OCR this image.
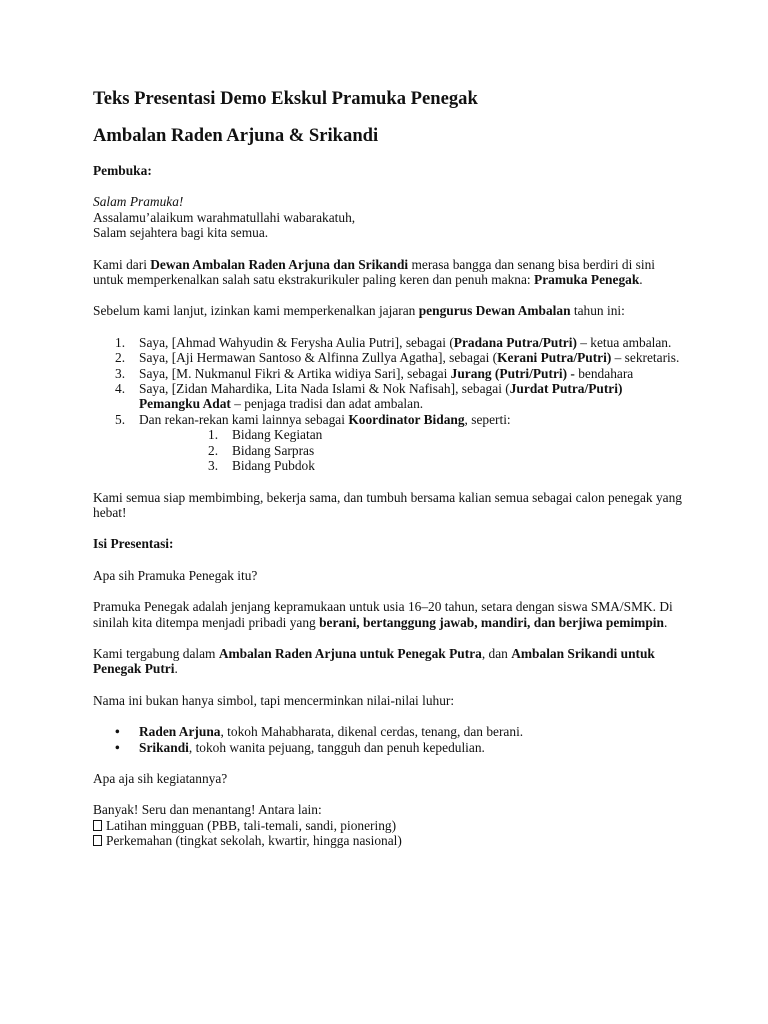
Teks Presentasi Demo Ekskul Pramuka Penegak

Ambalan Raden Arjuna & Srikandi

Pembuka:

Salam Pramuka!

Assalamu’alaikum warahmatullahi wabarakatuh,

Salam sejahtera bagi kita semua.

Kami dari Dewan Ambalan Raden Arjuna dan Srikandi merasa bangga dan senang bisa berdiri di sini untuk memperkenalkan salah satu ekstrakurikuler paling keren dan penuh makna: Pramuka Penegak.

Sebelum kami lanjut, izinkan kami memperkenalkan jajaran pengurus Dewan Ambalan tahun ini:

1. Saya, [Ahmad Wahyudin & Ferysha Aulia Putri], sebagai (Pradana Putra/Putri) – ketua ambalan.
2. Saya, [Aji Hermawan Santoso & Alfinna Zullya Agatha], sebagai (Kerani Putra/Putri) – sekretaris.
3. Saya, [M. Nukmanul Fikri & Artika widiya Sari], sebagai Jurang (Putri/Putri) - bendahara
4. Saya, [Zidan Mahardika, Lita Nada Islami & Nok Nafisah], sebagai (Jurdat Putra/Putri) Pemangku Adat – penjaga tradisi dan adat ambalan.
5. Dan rekan-rekan kami lainnya sebagai Koordinator Bidang, seperti:
1. Bidang Kegiatan
2. Bidang Sarpras
3. Bidang Pubdok

Kami semua siap membimbing, bekerja sama, dan tumbuh bersama kalian semua sebagai calon penegak yang hebat!

Isi Presentasi:

Apa sih Pramuka Penegak itu?

Pramuka Penegak adalah jenjang kepramukaan untuk usia 16–20 tahun, setara dengan siswa SMA/SMK. Di sinilah kita ditempa menjadi pribadi yang berani, bertanggung jawab, mandiri, dan berjiwa pemimpin.

Kami tergabung dalam Ambalan Raden Arjuna untuk Penegak Putra, dan Ambalan Srikandi untuk Penegak Putri.

Nama ini bukan hanya simbol, tapi mencerminkan nilai-nilai luhur:

• Raden Arjuna, tokoh Mahabharata, dikenal cerdas, tenang, dan berani.
• Srikandi, tokoh wanita pejuang, tangguh dan penuh kepedulian.

Apa aja sih kegiatannya?

Banyak! Seru dan menantang! Antara lain:

Latihan mingguan (PBB, tali-temali, sandi, pionering)

Perkemahan (tingkat sekolah, kwartir, hingga nasional)
